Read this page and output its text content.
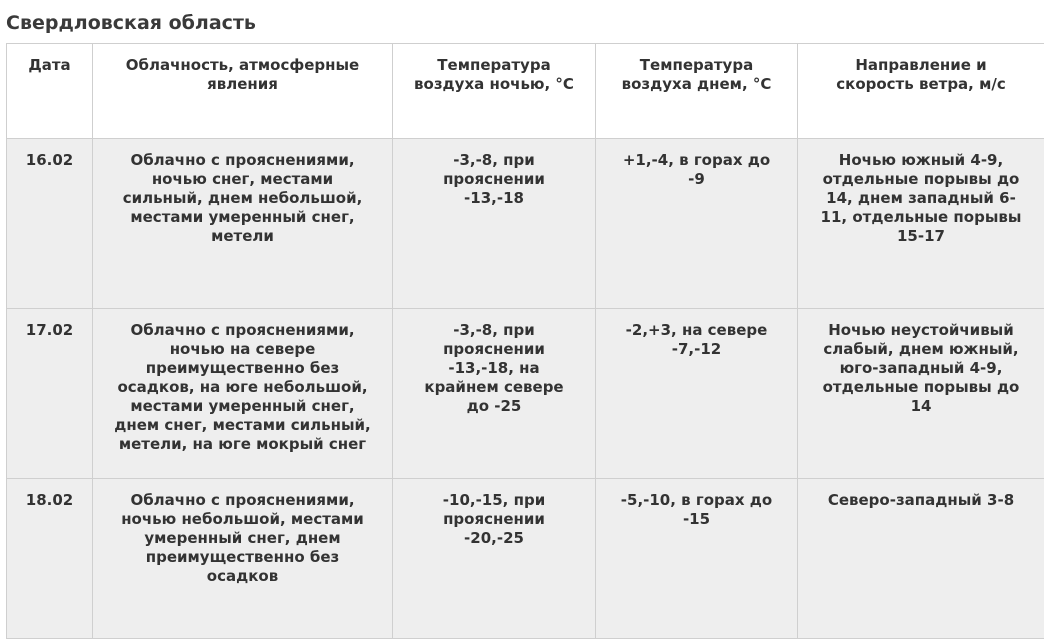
Свердловская область
Дата	Облачность, атмосферные явления	Температура воздуха ночью, °С	Температура воздуха днем, °С	Направление и скорость ветра, м/с
16.02	Облачно с прояснениями, ночью снег, местами сильный, днем небольшой, местами умеренный снег, метели	-3,-8, при прояснении -13,-18	+1,-4, в горах до -9	Ночью южный 4-9, отдельные порывы до 14, днем западный 6-11, отдельные порывы 15-17
17.02	Облачно с прояснениями, ночью на севере преимущественно без осадков, на юге небольшой, местами умеренный снег, днем снег, местами сильный, метели, на юге мокрый снег	-3,-8, при прояснении -13,-18, на крайнем севере до -25	-2,+3, на севере -7,-12	Ночью неустойчивый слабый, днем южный, юго-западный 4-9, отдельные порывы до 14
18.02	Облачно с прояснениями, ночью небольшой, местами умеренный снег, днем преимущественно без осадков	-10,-15, при прояснении -20,-25	-5,-10, в горах до -15	Северо-западный 3-8
